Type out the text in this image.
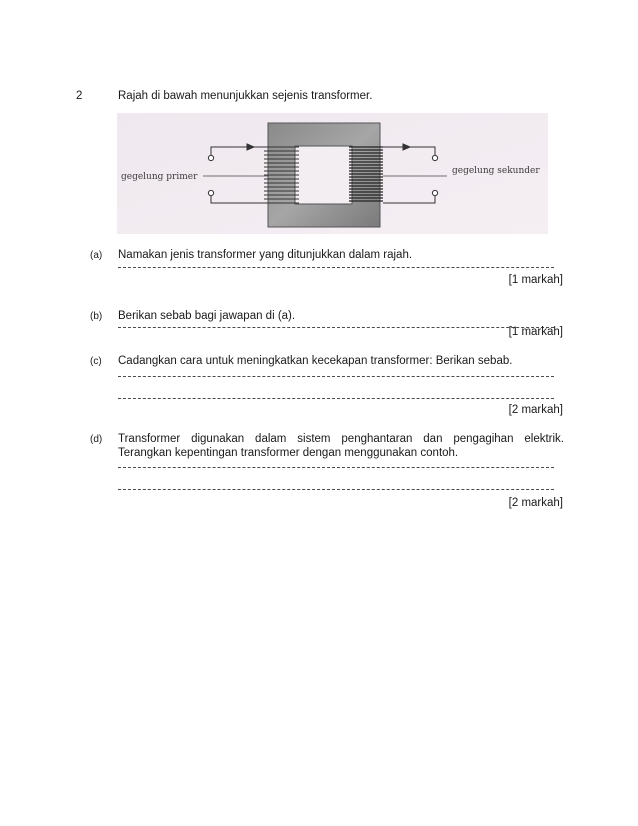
2	Rajah di bawah menunjukkan sejenis transformer.
gegelung primer
gegelung sekunder
(a)	Namakan jenis transformer yang ditunjukkan dalam rajah.
[1 markah]
(b)	Berikan sebab bagi jawapan di (a).
[1 markah]
(c)	Cadangkan cara untuk meningkatkan kecekapan transformer: Berikan sebab.
[2 markah]
(d)	Transformer digunakan dalam sistem penghantaran dan pengagihan elektrik.
Terangkan kepentingan transformer dengan menggunakan contoh.
[2 markah]
